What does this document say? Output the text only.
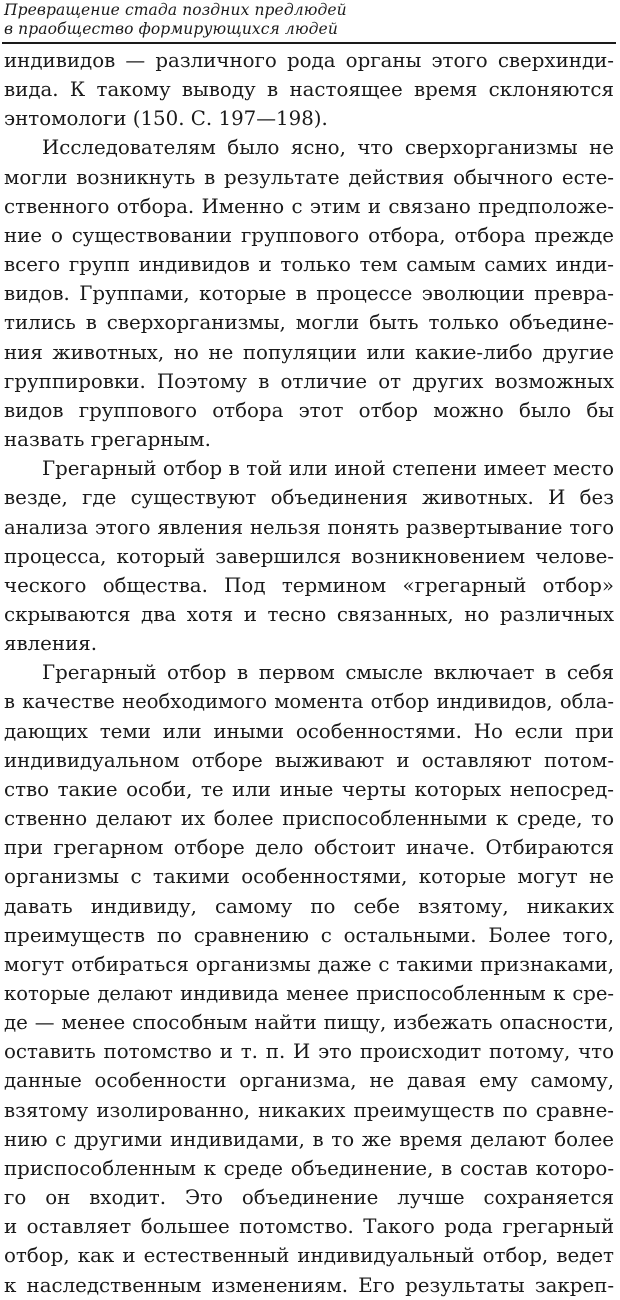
Превращение стада поздних предлюдей
в праобщество формирующихся людей
индивидов — различного рода органы этого сверхинди-
вида. К такому выводу в настоящее время склоняются
энтомологи (150. С. 197—198).
Исследователям было ясно, что сверхорганизмы не
могли возникнуть в результате действия обычного есте-
ственного отбора. Именно с этим и связано предположе-
ние о существовании группового отбора, отбора прежде
всего групп индивидов и только тем самым самих инди-
видов. Группами, которые в процессе эволюции превра-
тились в сверхорганизмы, могли быть только объедине-
ния животных, но не популяции или какие-либо другие
группировки. Поэтому в отличие от других возможных
видов группового отбора этот отбор можно было бы
назвать грегарным.
Грегарный отбор в той или иной степени имеет место
везде, где существуют объединения животных. И без
анализа этого явления нельзя понять развертывание того
процесса, который завершился возникновением челове-
ческого общества. Под термином «грегарный отбор»
скрываются два хотя и тесно связанных, но различных
явления.
Грегарный отбор в первом смысле включает в себя
в качестве необходимого момента отбор индивидов, обла-
дающих теми или иными особенностями. Но если при
индивидуальном отборе выживают и оставляют потом-
ство такие особи, те или иные черты которых непосред-
ственно делают их более приспособленными к среде, то
при грегарном отборе дело обстоит иначе. Отбираются
организмы с такими особенностями, которые могут не
давать индивиду, самому по себе взятому, никаких
преимуществ по сравнению с остальными. Более того,
могут отбираться организмы даже с такими признаками,
которые делают индивида менее приспособленным к сре-
де — менее способным найти пищу, избежать опасности,
оставить потомство и т. п. И это происходит потому, что
данные особенности организма, не давая ему самому,
взятому изолированно, никаких преимуществ по сравне-
нию с другими индивидами, в то же время делают более
приспособленным к среде объединение, в состав которо-
го он входит. Это объединение лучше сохраняется
и оставляет большее потомство. Такого рода грегарный
отбор, как и естественный индивидуальный отбор, ведет
к наследственным изменениям. Его результаты закреп-
